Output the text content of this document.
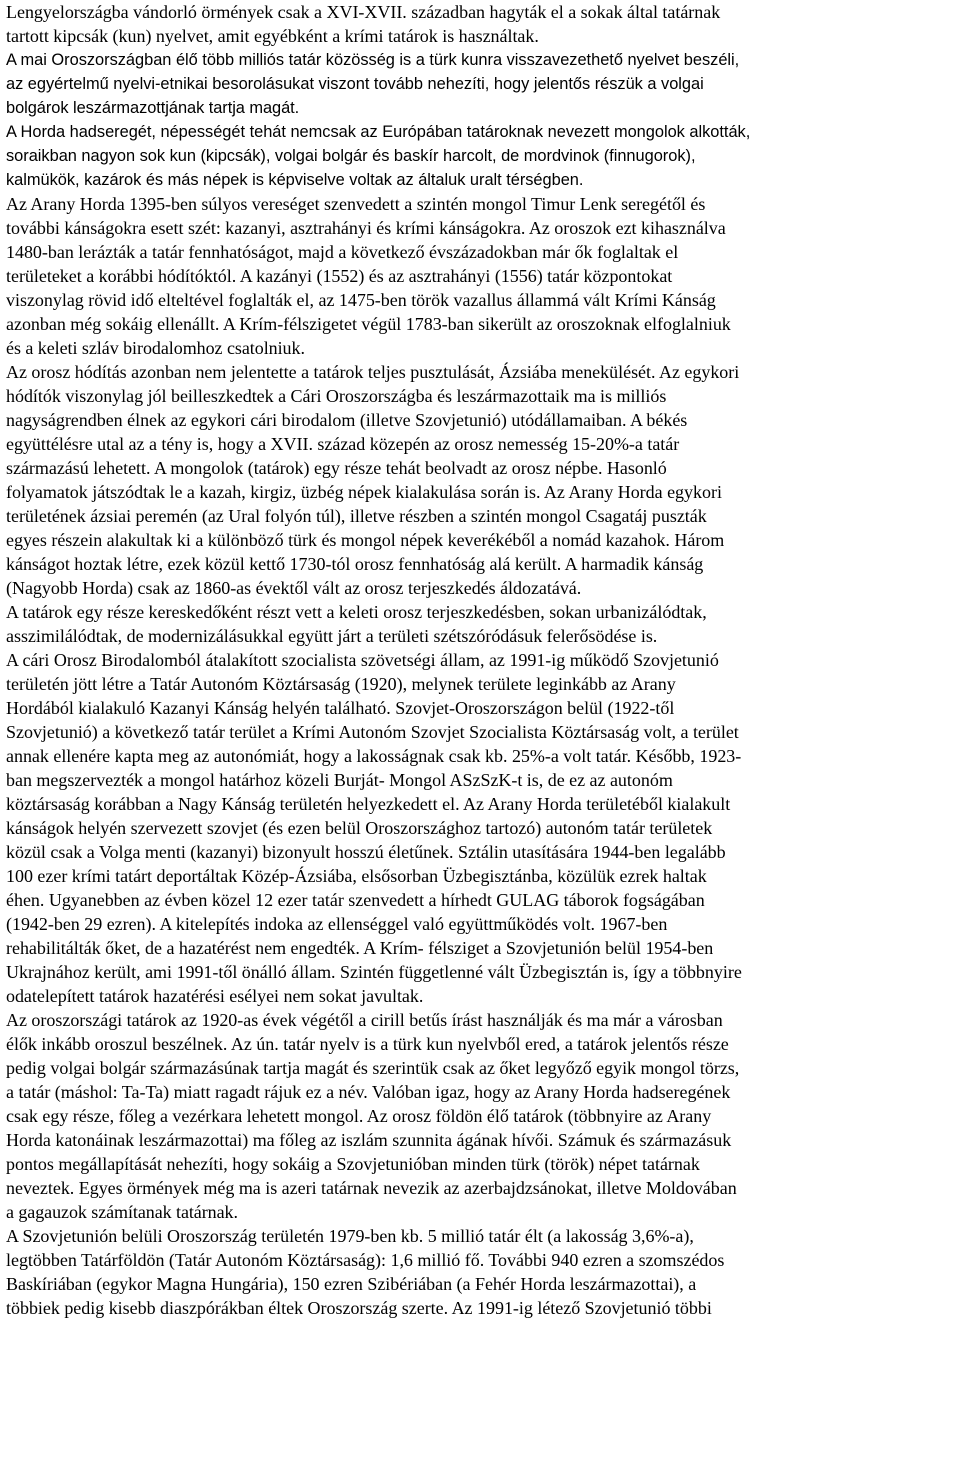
Lengyelországba vándorló örmények csak a XVI-XVII. században hagyták el a sokak által tatárnak
tartott kipcsák (kun) nyelvet, amit egyébként a krími tatárok is használtak.

A mai Oroszországban élő több milliós tatár közösség is a türk kunra visszavezethető nyelvet beszéli,
az egyértelmű nyelvi-etnikai besorolásukat viszont tovább nehezíti, hogy jelentős részük a volgai
bolgárok leszármazottjának tartja magát.

A Horda hadseregét, népességét tehát nemcsak az Európában tatároknak nevezett mongolok alkották,
soraikban nagyon sok kun (kipcsák), volgai bolgár és baskír harcolt, de mordvinok (finnugorok),
kalmükök, kazárok és más népek is képviselve voltak az általuk uralt térségben.

Az Arany Horda 1395-ben súlyos vereséget szenvedett a szintén mongol Timur Lenk seregétől és
további kánságokra esett szét: kazanyi, asztrahányi és krími kánságokra. Az oroszok ezt kihasználva
1480-ban lerázták a tatár fennhatóságot, majd a következő évszázadokban már ők foglaltak el
területeket a korábbi hódítóktól. A kazányi (1552) és az asztrahányi (1556) tatár központokat
viszonylag rövid idő elteltével foglalták el, az 1475-ben török vazallus állammá vált Krími Kánság
azonban még sokáig ellenállt. A Krím-félszigetet végül 1783-ban sikerült az oroszoknak elfoglalniuk
és a keleti szláv birodalomhoz csatolniuk.

Az orosz hódítás azonban nem jelentette a tatárok teljes pusztulását, Ázsiába menekülését. Az egykori
hódítók viszonylag jól beilleszkedtek a Cári Oroszországba és leszármazottaik ma is milliós
nagyságrendben élnek az egykori cári birodalom (illetve Szovjetunió) utódállamaiban. A békés
együttélésre utal az a tény is, hogy a XVII. század közepén az orosz nemesség 15-20%-a tatár
származású lehetett. A mongolok (tatárok) egy része tehát beolvadt az orosz népbe. Hasonló
folyamatok játszódtak le a kazah, kirgiz, üzbég népek kialakulása során is. Az Arany Horda egykori
területének ázsiai peremén (az Ural folyón túl), illetve részben a szintén mongol Csagatáj puszták
egyes részein alakultak ki a különböző türk és mongol népek keverékéből a nomád kazahok. Három
kánságot hoztak létre, ezek közül kettő 1730-tól orosz fennhatóság alá került. A harmadik kánság
(Nagyobb Horda) csak az 1860-as évektől vált az orosz terjeszkedés áldozatává.

A tatárok egy része kereskedőként részt vett a keleti orosz terjeszkedésben, sokan urbanizálódtak,
asszimilálódtak, de modernizálásukkal együtt járt a területi szétszóródásuk felerősödése is.

A cári Orosz Birodalomból átalakított szocialista szövetségi állam, az 1991-ig működő Szovjetunió
területén jött létre a Tatár Autonóm Köztársaság (1920), melynek területe leginkább az Arany
Hordából kialakuló Kazanyi Kánság helyén található. Szovjet-Oroszországon belül (1922-től
Szovjetunió) a következő tatár terület a Krími Autonóm Szovjet Szocialista Köztársaság volt, a terület
annak ellenére kapta meg az autonómiát, hogy a lakosságnak csak kb. 25%-a volt tatár. Később, 1923-
ban megszervezték a mongol határhoz közeli Burját- Mongol ASzSzK-t is, de ez az autonóm
köztársaság korábban a Nagy Kánság területén helyezkedett el. Az Arany Horda területéből kialakult
kánságok helyén szervezett szovjet (és ezen belül Oroszországhoz tartozó) autonóm tatár területek
közül csak a Volga menti (kazanyi) bizonyult hosszú életűnek. Sztálin utasítására 1944-ben legalább
100 ezer krími tatárt deportáltak Közép-Ázsiába, elsősorban Üzbegisztánba, közülük ezrek haltak
éhen. Ugyanebben az évben közel 12 ezer tatár szenvedett a hírhedt GULAG táborok fogságában
(1942-ben 29 ezren). A kitelepítés indoka az ellenséggel való együttműködés volt. 1967-ben
rehabilitálták őket, de a hazatérést nem engedték. A Krím- félsziget a Szovjetunión belül 1954-ben
Ukrajnához került, ami 1991-től önálló állam. Szintén függetlenné vált Üzbegisztán is, így a többnyire
odatelepített tatárok hazatérési esélyei nem sokat javultak.

Az oroszországi tatárok az 1920-as évek végétől a cirill betűs írást használják és ma már a városban
élők inkább oroszul beszélnek. Az ún. tatár nyelv is a türk kun nyelvből ered, a tatárok jelentős része
pedig volgai bolgár származásúnak tartja magát és szerintük csak az őket legyőző egyik mongol törzs,
a tatár (máshol: Ta-Ta) miatt ragadt rájuk ez a név. Valóban igaz, hogy az Arany Horda hadseregének
csak egy része, főleg a vezérkara lehetett mongol. Az orosz földön élő tatárok (többnyire az Arany
Horda katonáinak leszármazottai) ma főleg az iszlám szunnita ágának hívői. Számuk és származásuk
pontos megállapítását nehezíti, hogy sokáig a Szovjetunióban minden türk (török) népet tatárnak
neveztek. Egyes örmények még ma is azeri tatárnak nevezik az azerbajdzsánokat, illetve Moldovában
a gagauzok számítanak tatárnak.

A Szovjetunión belüli Oroszország területén 1979-ben kb. 5 millió tatár élt (a lakosság 3,6%-a),
legtöbben Tatárföldön (Tatár Autonóm Köztársaság): 1,6 millió fő. További 940 ezren a szomszédos
Baskíriában (egykor Magna Hungária), 150 ezren Szibériában (a Fehér Horda leszármazottai), a
többiek pedig kisebb diaszpórákban éltek Oroszország szerte. Az 1991-ig létező Szovjetunió többi
